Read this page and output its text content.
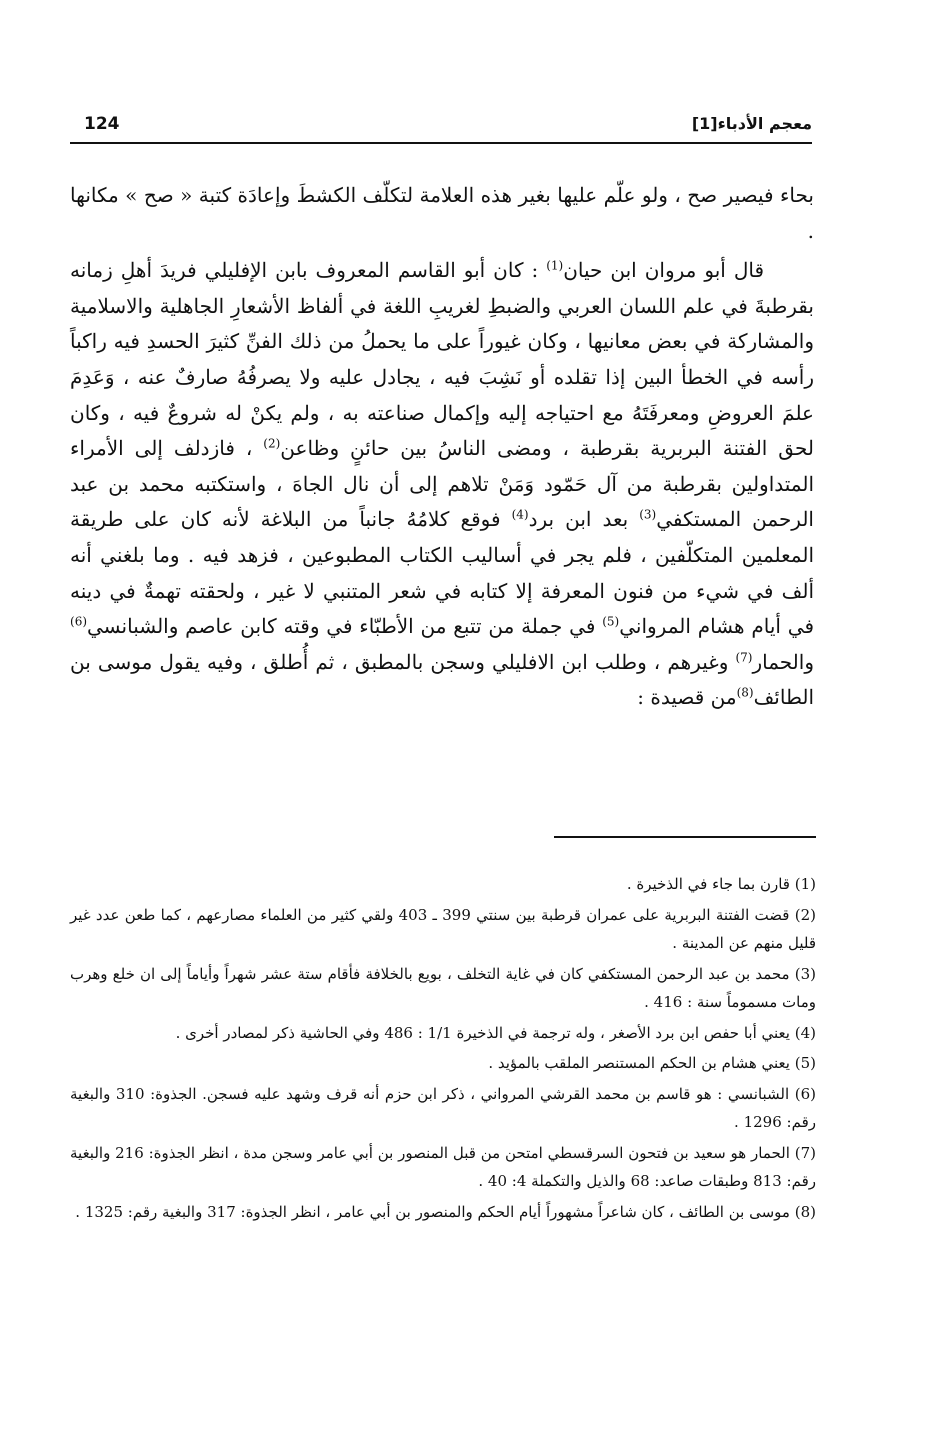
124	معجم الأدباء[1]

بحاء فيصير صح ، ولو علّم عليها بغير هذه العلامة لتكلّف الكشطَ وإعادَة كتبة « صح » مكانها .

قال أبو مروان ابن حيان$^{(1)}$ : كان أبو القاسم المعروف بابن الإفليلي فريدَ أهلِ زمانه بقرطبةَ في علم اللسان العربي والضبطِ لغريبِ اللغة في ألفاظ الأشعارِ الجاهلية والاسلامية والمشاركة في بعض معانيها ، وكان غيوراً على ما يحملُ من ذلك الفنِّ كثيرَ الحسدِ فيه راكباً رأسه في الخطأ البين إذا تقلده أو نَشِبَ فيه ، يجادل عليه ولا يصرفُهُ صارفٌ عنه ، وَعَدِمَ علمَ العروضِ ومعرفَتَهُ مع احتياجه إليه وإكمال صناعته به ، ولم يكنْ له شروعٌ فيه ، وكان لحق الفتنة البربرية بقرطبة ، ومضى الناسُ بين حائنٍ وظاعن$^{(2)}$ ، فازدلف إلى الأمراء المتداولين بقرطبة من آل حَمّود وَمَنْ تلاهم إلى أن نال الجاهَ ، واستكتبه محمد بن عبد الرحمن المستكفي$^{(3)}$ بعد ابن برد$^{(4)}$ فوقع كلامُهُ جانباً من البلاغة لأنه كان على طريقة المعلمين المتكلّفين ، فلم يجر في أساليب الكتاب المطبوعين ، فزهد فيه . وما بلغني أنه ألف في شيء من فنون المعرفة إلا كتابه في شعر المتنبي لا غير ، ولحقته تهمةٌ في دينه في أيام هشام المرواني$^{(5)}$ في جملة من تتبع من الأطبّاء في وقته كابن عاصم والشبانسي$^{(6)}$ والحمار$^{(7)}$ وغيرهم ، وطلب ابن الافليلي وسجن بالمطبق ، ثم أُطلق ، وفيه يقول موسى بن الطائف$^{(8)}$من قصيدة :

(1) قارن بما جاء في الذخيرة .

(2) قضت الفتنة البربرية على عمران قرطبة بين سنتي 399 ـ 403 ولقي كثير من العلماء مصارعهم ، كما طعن عدد غير قليل منهم عن المدينة .

(3) محمد بن عبد الرحمن المستكفي كان في غاية التخلف ، بويع بالخلافة فأقام ستة عشر شهراً وأياماً إلى ان خلع وهرب ومات مسموماً سنة : 416 .

(4) يعني أبا حفص ابن برد الأصغر ، وله ترجمة في الذخيرة 1/1 : 486 وفي الحاشية ذكر لمصادر أخرى .

(5) يعني هشام بن الحكم المستنصر الملقب بالمؤيد .

(6) الشبانسي : هو قاسم بن محمد القرشي المرواني ، ذكر ابن حزم أنه قرف وشهد عليه فسجن. الجذوة: 310 والبغية رقم: 1296 .

(7) الحمار هو سعيد بن فتحون السرقسطي امتحن من قبل المنصور بن أبي عامر وسجن مدة ، انظر الجذوة: 216 والبغية رقم: 813 وطبقات صاعد: 68 والذيل والتكملة 4: 40 .

(8) موسى بن الطائف ، كان شاعراً مشهوراً أيام الحكم والمنصور بن أبي عامر ، انظر الجذوة: 317 والبغية رقم: 1325 .
